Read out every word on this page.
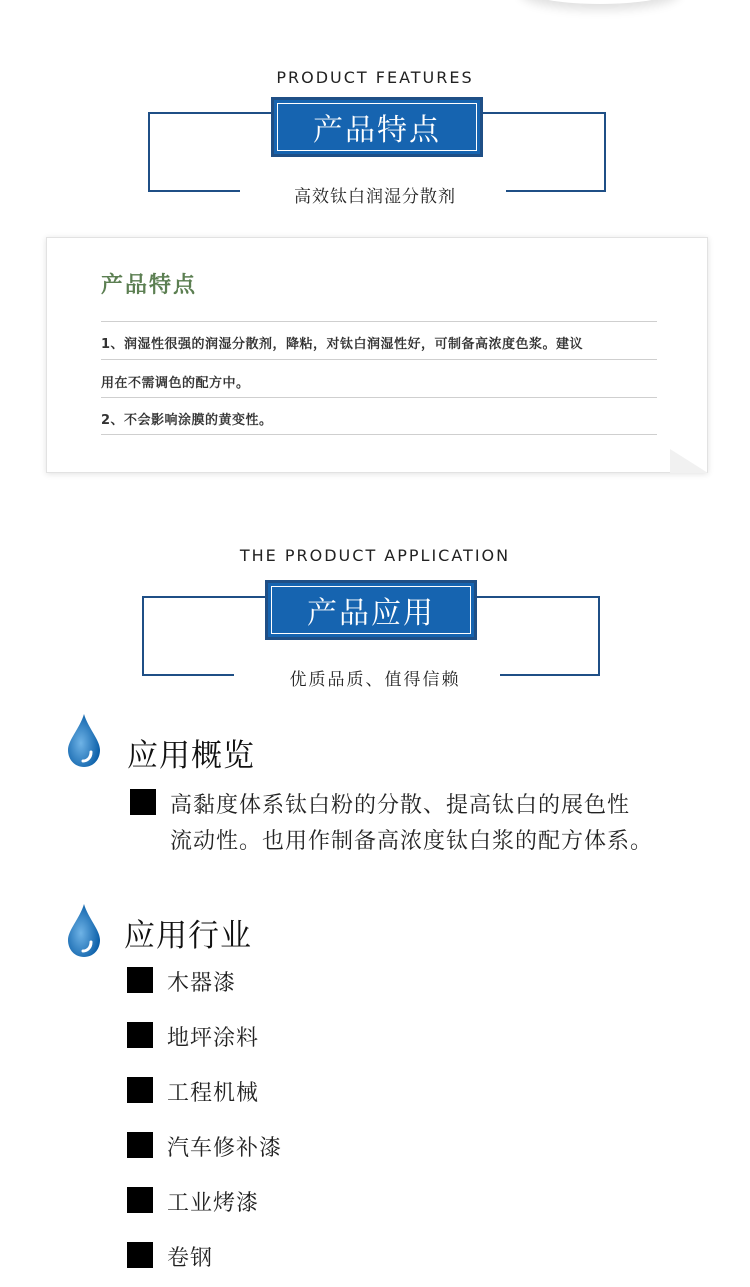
PRODUCT FEATURES
产品特点
高效钛白润湿分散剂
产品特点
1、润湿性很强的润湿分散剂，降粘，对钛白润湿性好，可制备高浓度色浆。建议
用在不需调色的配方中。
2、不会影响涂膜的黄变性。
THE PRODUCT APPLICATION
产品应用
优质品质、值得信赖
应用概览
高黏度体系钛白粉的分散、提高钛白的展色性
流动性。也用作制备高浓度钛白浆的配方体系。
应用行业
木器漆
地坪涂料
工程机械
汽车修补漆
工业烤漆
卷钢
